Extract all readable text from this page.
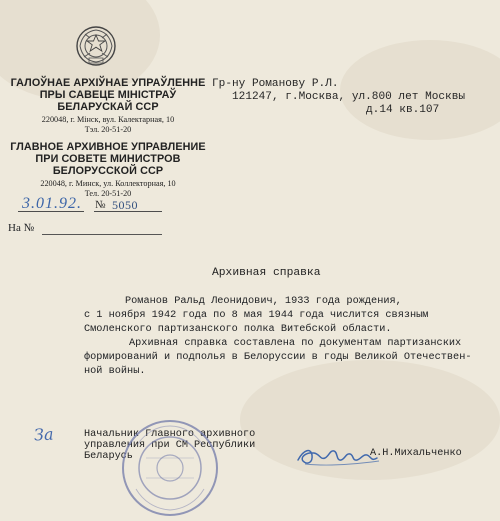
ГАЛОЎНАЕ АРХІЎНАЕ УПРАЎЛЕННЕ
ПРЫ САВЕЦЕ МІНІСТРАЎ
БЕЛАРУСКАЙ ССР
220048, г. Мінск, вул. Калектарная, 10
Тэл. 20-51-20
ГЛАВНОЕ АРХИВНОЕ УПРАВЛЕНИЕ
ПРИ СОВЕТЕ МИНИСТРОВ
БЕЛОРУССКОЙ ССР
220048, г. Минск, ул. Коллекторная, 10
Тел. 20-51-20
3.01.92. № 5050
На №
Гр-ну Романову Р.Л.
121247, г.Москва, ул.800 лет Москвы
д.14 кв.107
Архивная справка
Романов Ральд Леонидович, 1933 года рождения,
с 1 ноября 1942 года по 8 мая 1944 года числится связным
Смоленского партизанского полка Витебской области.
Архивная справка составлена по документам партизанских
формирований и подполья в Белоруссии в годы Великой Отечествен-
ной войны.
За	Начальник Главного архивного
управления при СМ Республики
Беларусь	А.Н.Михальченко
